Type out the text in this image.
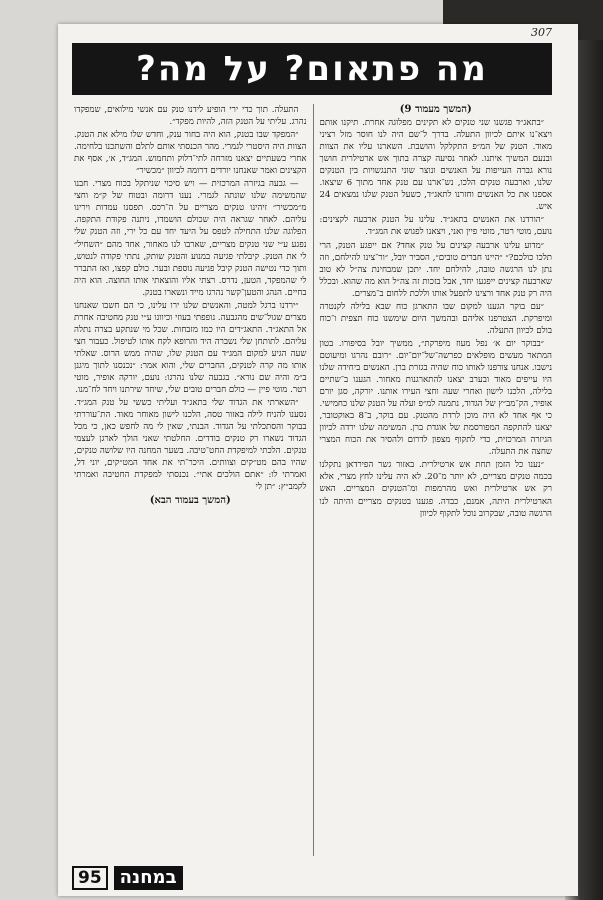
307
מה פתאום? על מה?

(המשך מעמוד 9)

״בתאג״ד פגשנו שני טנקים לא תקינים מפלוגה אחרת. תיקנו אותם ויצא־נו איתם לכיוון התעלה. בדרך ל־שם היה לנו חוסר מזל רציני מאוד. הטנק של המ״פ התקלקל והושבת. השארנו עליו את הצוות ובנעם המשיך איתנו. לאחר נסיעה קצרה בתוך אש ארטילרית חושך נורא גברה העייפות על האנשים ונוצר שוני התנגשויות בין הטנקים שלנו, וארבעה טנקים הלכו, נש־ארנו עם טנק אחד מתוך 6 שיצאו. אספנו את כל האנשים וחזרנו לתאג״ד, כשעל הטנק שלנו נמצאים 24 איש.

״הורדנו את האנשים בתאג״ד. עלינו על הטנק ארבעה לקצינים: נועם, מוטי רטר, מוטי פיין ואני, ויצאנו לפגוש את המג״ד.

״מדוע עלינו ארבעה קצינים על טנק אחד? אם ייפגע הטנק, הרי תלכו כולכם?״ ״היינו חברים טובים״, הסביר יובל, ״ור־צינו להילחם, וזה נתן לנו הרגשה טובה, להילחם יחד. יתכן שמבחינת צה״ל לא טוב שארבעה קצינים ייפגעו יחד, אבל בזכות זה צה״ל הוא מה שהוא. ובכלל היה רק טנק אחד ורצינו לתפעל אותו וללכת ללחום ב־מצרים.

״עם בוקר הגענו למקום שבו התארגן כוח שבא בלילה לקנטרה ומיפרקת. הצטרפנו אליהם ובהמשך היום שימשנו כוח תצפית ו־כוח בולם לכיוון התעלה.

״בבוקר יום א׳ נפל מעוז מיפרקת״, ממשיך יובל בסיפורו. בטון המתאר מעשים מופלאים כפרשה־של־יום־יום. ״רובם נהרגו ומיעוטם נישבו. אנחנו צורפנו לאותו כוח שהיה בגזרת ברן. האנשים ביחידה שלנו היו עייפים מאוד ובערב יצאנו להתארגנות מאחור. הגענו ב־שתיים בלילה, הלכנו לישון ואחרי שעה וחצי העירו אותנו. יורקה, סגן יורם אופיר, הק־מב״ץ של הגדוד, נתמנה למ״פ ועלה על הטנק שלנו כחמישי. כי אף אחד לא היה מוכן לרדת מהטנק. עם בוקר, ב־8 באוקטובר, יצאנו להתקפה המפורסמת של אוגדת ברן. המשימה שלנו ירדה לכיוון הגיזרה המרכזית, כדי לתקוף מצפון לדרום ולהסיר את הכוח המצרי שחצה את התעלה.

״נענו כל הזמן תחת אש ארטילרית. באזור גשר הפירדאן נתקלנו בכמה טנקים מצריים, לא יותר מ־20. לא היה עלינו לחץ מצרי, אלא רק אש ארטילרית ואש מהרמפות ומ־הטנקים המצריים. האש הארטילרית היתה, אמנם, כבדה. פגענו בטנקים מצריים והיתה לנו הרגשה טובה, שבקרוב נוכל לתקוף לכיוון

התעלה. תוך כדי ירי הופיע לידנו טנק עם אנשי מילואים, שמפקדו נהרג. עליתי על הטנק הזה, להיות מפקד״.

״המפקד שבו בטנק, הוא היה בחור ענק, וחדש שלו מילא את הטנק. הצוות היה היסטרי לגמרי. מהר הכנסתי אותם לתלם והשתכנו בלחימה. אחרי כשעתיים יצאנו מזרחה לתי־דלוק ותחמוש. המג״ד, א׳, אסף את הקצינים ואמר שאנחנו יורדים דרומה לכיוון ״מכשיר״

— גבעה בגיזרה המרכזית — ויש סיכוי שניתקל בכוח מצרי. חבנו שהמשימה שלנו שונתה לגמרי. נענו דרומה ובטוח של ק״מ וחצי מ״מכשיר״ זיהינו טנקים מצריים על ה־רכס. תפסנו עמדות וירינו עליהם. לאחר שגראה היה שכולם הושמדו, ניתנה פקודת התקפה. הפלוגה שלנו התחילה לטפס על היעד יחד עם כל ירי, וזה הטנק שלי נפגע ע״י שני טנקים מצריים, שארבו לנו מאחור, אחד מהם ״השחיל״ לי את הטנק. קיבלתי פגיעה במנוע והטנק שותק, נתתי פקודה לנטוש, ותוך כדי נטישה הטנק קיבל פגיעה נוספת ובער. כולם קפצו, ואז התברר לי שהמפקד, הטען, נדרס. רצתי אליו והוצאתי אותו החוצה. הוא היה בחיים. הנהג והטען־קשר נהרגו מייד ונשארו בטנק.

״ירדנו ברגל למטה, והאנשים שלנו ירו עלינו, כי הם חשבו שאנחנו מצרים שגול־שים מהגבעה. נופפתי בעוזי וכיוונו ע״י טנק מחטיבה אחרת אל התאג״ד. התאג״דים היו כמו מזבחות. שכל מי שנתקע בצרה נתלה עליהם. לתותחן שלי נשברה היד והרופא לקח אותו לטיפול. כעבור חצי שעה הגיע למקום המג״ד עם הטנק שלו, שהיה ממש הרוס. שאלתי אותו מה קרה לטנקים, החברים שלי, והוא אמר: ״נכנסנו לתוך מיגנן ב״מ והיה שם נורא״. בגבעה שלנו נהרגו: נועם, יורקה אופיר, מוטי רטר. מוטי פיין — כולם חברים טובים שלי, שיחד שירתנו ויחד לח־מנו.

״השארתי את הגדוד שלי בתאג״ד ועליתי כששי על טנק המג״ד. נסענו להניח לילה באזור טסה, הלכנו לישון מאוחר מאוד. הת־עוררתי בבוקר והסתכלתי על הגדוד. הבנתי, שאין לי מה לחפש כאן, כי מכל הגדוד נשארו רק טנקים בודדים. החלטתי שאני הולך לארגן לעצמי טנקים. הלכתי למיפקדת החט־טיבה. בשער המחנה היו שלושה טנקים, שהיו בהם מט״קים וצוותים. היכר־תי את אחד המט״קים, יוני דל, ואמרתי לו: ״אתם הולכים אתי״. נכנסתי למפקדת החטיבה ואמרתי לקמב״ץ: ״תן לי

(המשך בעמוד הבא)

95	במחנה
